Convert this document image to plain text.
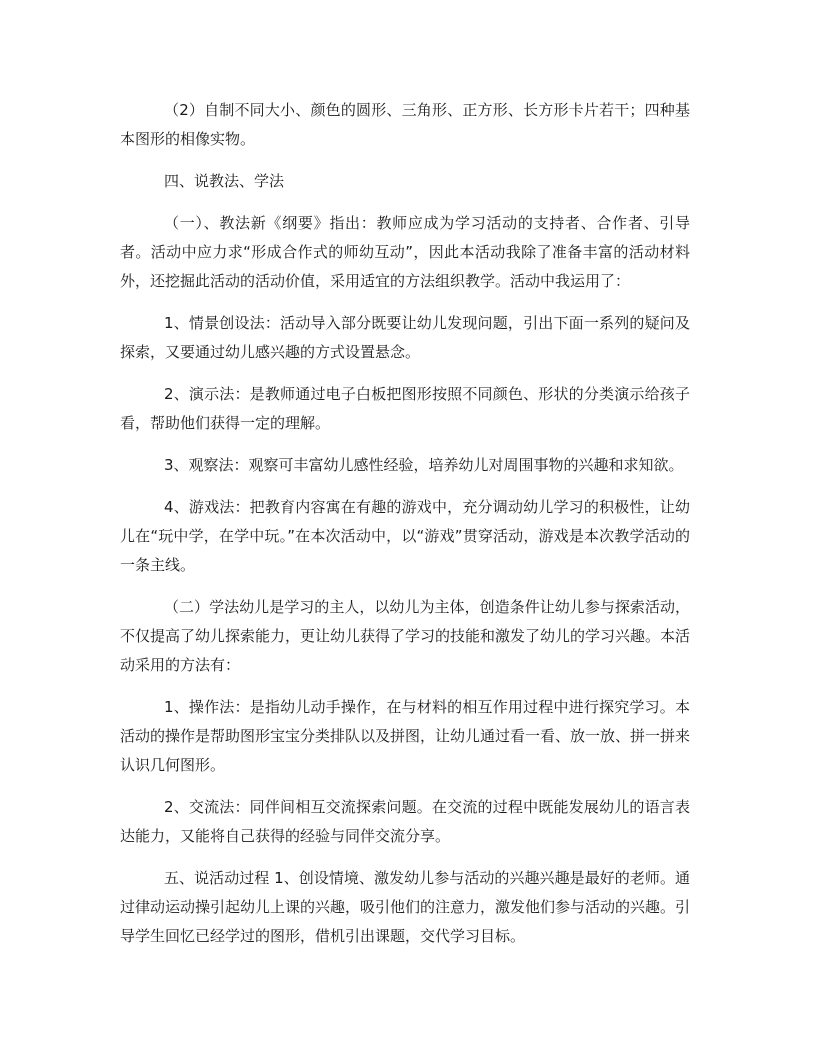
（2）自制不同大小、颜色的圆形、三角形、正方形、长方形卡片若干；四种基本图形的相像实物。

四、说教法、学法

（一）、教法新《纲要》指出：教师应成为学习活动的支持者、合作者、引导者。活动中应力求“形成合作式的师幼互动”，因此本活动我除了准备丰富的活动材料外，还挖掘此活动的活动价值，采用适宜的方法组织教学。活动中我运用了：

1、情景创设法：活动导入部分既要让幼儿发现问题，引出下面一系列的疑问及探索，又要通过幼儿感兴趣的方式设置悬念。

2、演示法：是教师通过电子白板把图形按照不同颜色、形状的分类演示给孩子看，帮助他们获得一定的理解。

3、观察法：观察可丰富幼儿感性经验，培养幼儿对周围事物的兴趣和求知欲。

4、游戏法：把教育内容寓在有趣的游戏中，充分调动幼儿学习的积极性，让幼儿在“玩中学，在学中玩。”在本次活动中，以“游戏”贯穿活动，游戏是本次教学活动的一条主线。

（二）学法幼儿是学习的主人，以幼儿为主体，创造条件让幼儿参与探索活动，不仅提高了幼儿探索能力，更让幼儿获得了学习的技能和激发了幼儿的学习兴趣。本活动采用的方法有：

1、操作法：是指幼儿动手操作，在与材料的相互作用过程中进行探究学习。本活动的操作是帮助图形宝宝分类排队以及拼图，让幼儿通过看一看、放一放、拼一拼来认识几何图形。

2、交流法：同伴间相互交流探索问题。在交流的过程中既能发展幼儿的语言表达能力，又能将自己获得的经验与同伴交流分享。

五、说活动过程 1、创设情境、激发幼儿参与活动的兴趣兴趣是最好的老师。通过律动运动操引起幼儿上课的兴趣，吸引他们的注意力，激发他们参与活动的兴趣。引导学生回忆已经学过的图形，借机引出课题，交代学习目标。
